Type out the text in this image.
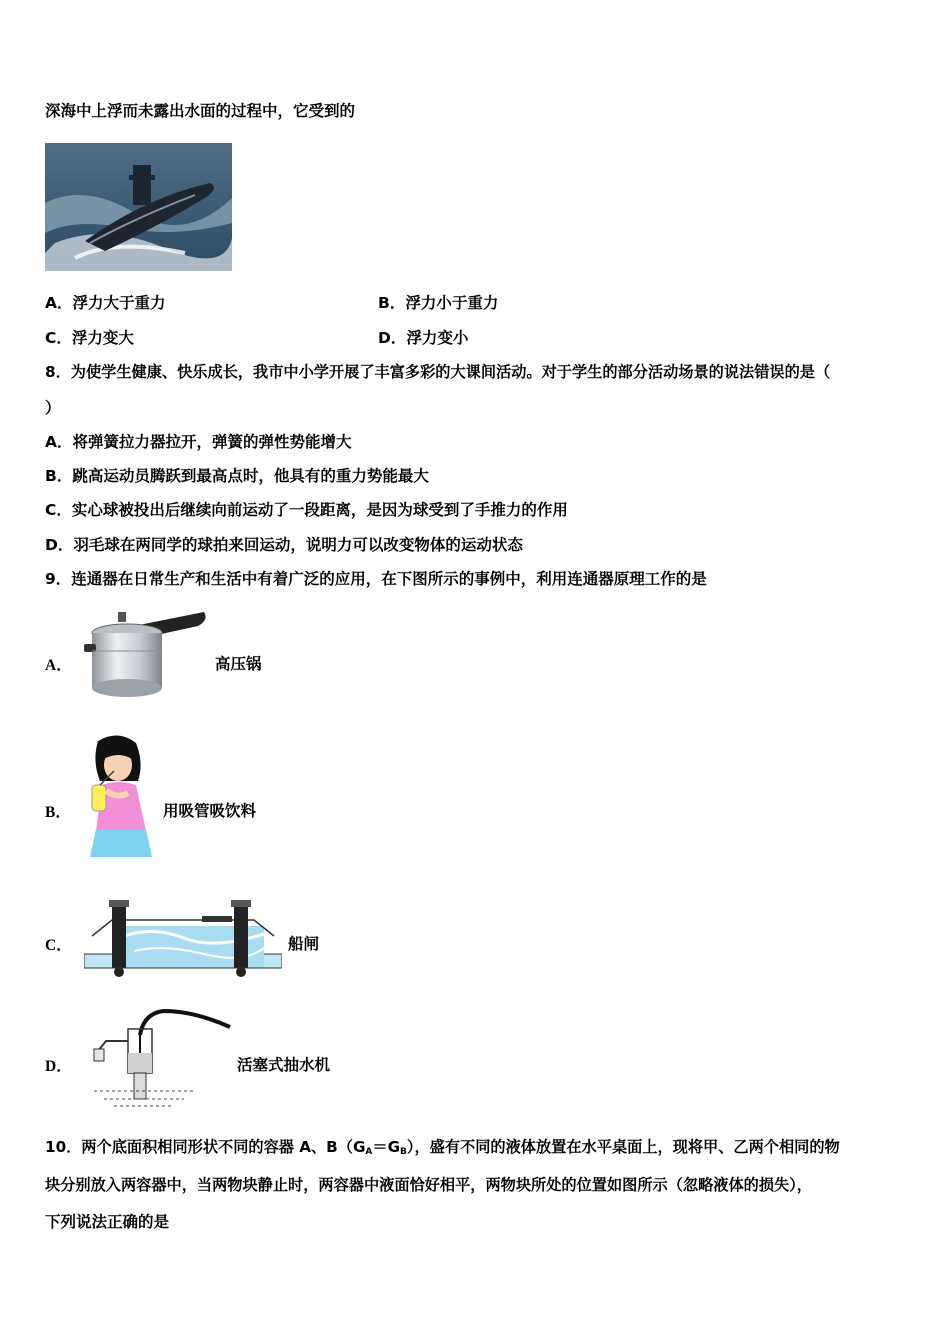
深海中上浮而未露出水面的过程中，它受到的
A．浮力大于重力	B．浮力小于重力
C．浮力变大	D．浮力变小
8．为使学生健康、快乐成长，我市中小学开展了丰富多彩的大课间活动。对于学生的部分活动场景的说法错误的是（
）
A．将弹簧拉力器拉开，弹簧的弹性势能增大
B．跳高运动员腾跃到最高点时，他具有的重力势能最大
C．实心球被投出后继续向前运动了一段距离，是因为球受到了手推力的作用
D．羽毛球在两同学的球拍来回运动，说明力可以改变物体的运动状态
9．连通器在日常生产和生活中有着广泛的应用，在下图所示的事例中，利用连通器原理工作的是
A．	高压锅
B．	用吸管吸饮料
C．	船闸
D．	活塞式抽水机
10．两个底面积相同形状不同的容器 A、$B(G_A=G_B)$，盛有不同的液体放置在水平桌面上，现将甲、乙两个相同的物
块分别放入两容器中，当两物块静止时，两容器中液面恰好相平，两物块所处的位置如图所示（忽略液体的损失），
下列说法正确的是
